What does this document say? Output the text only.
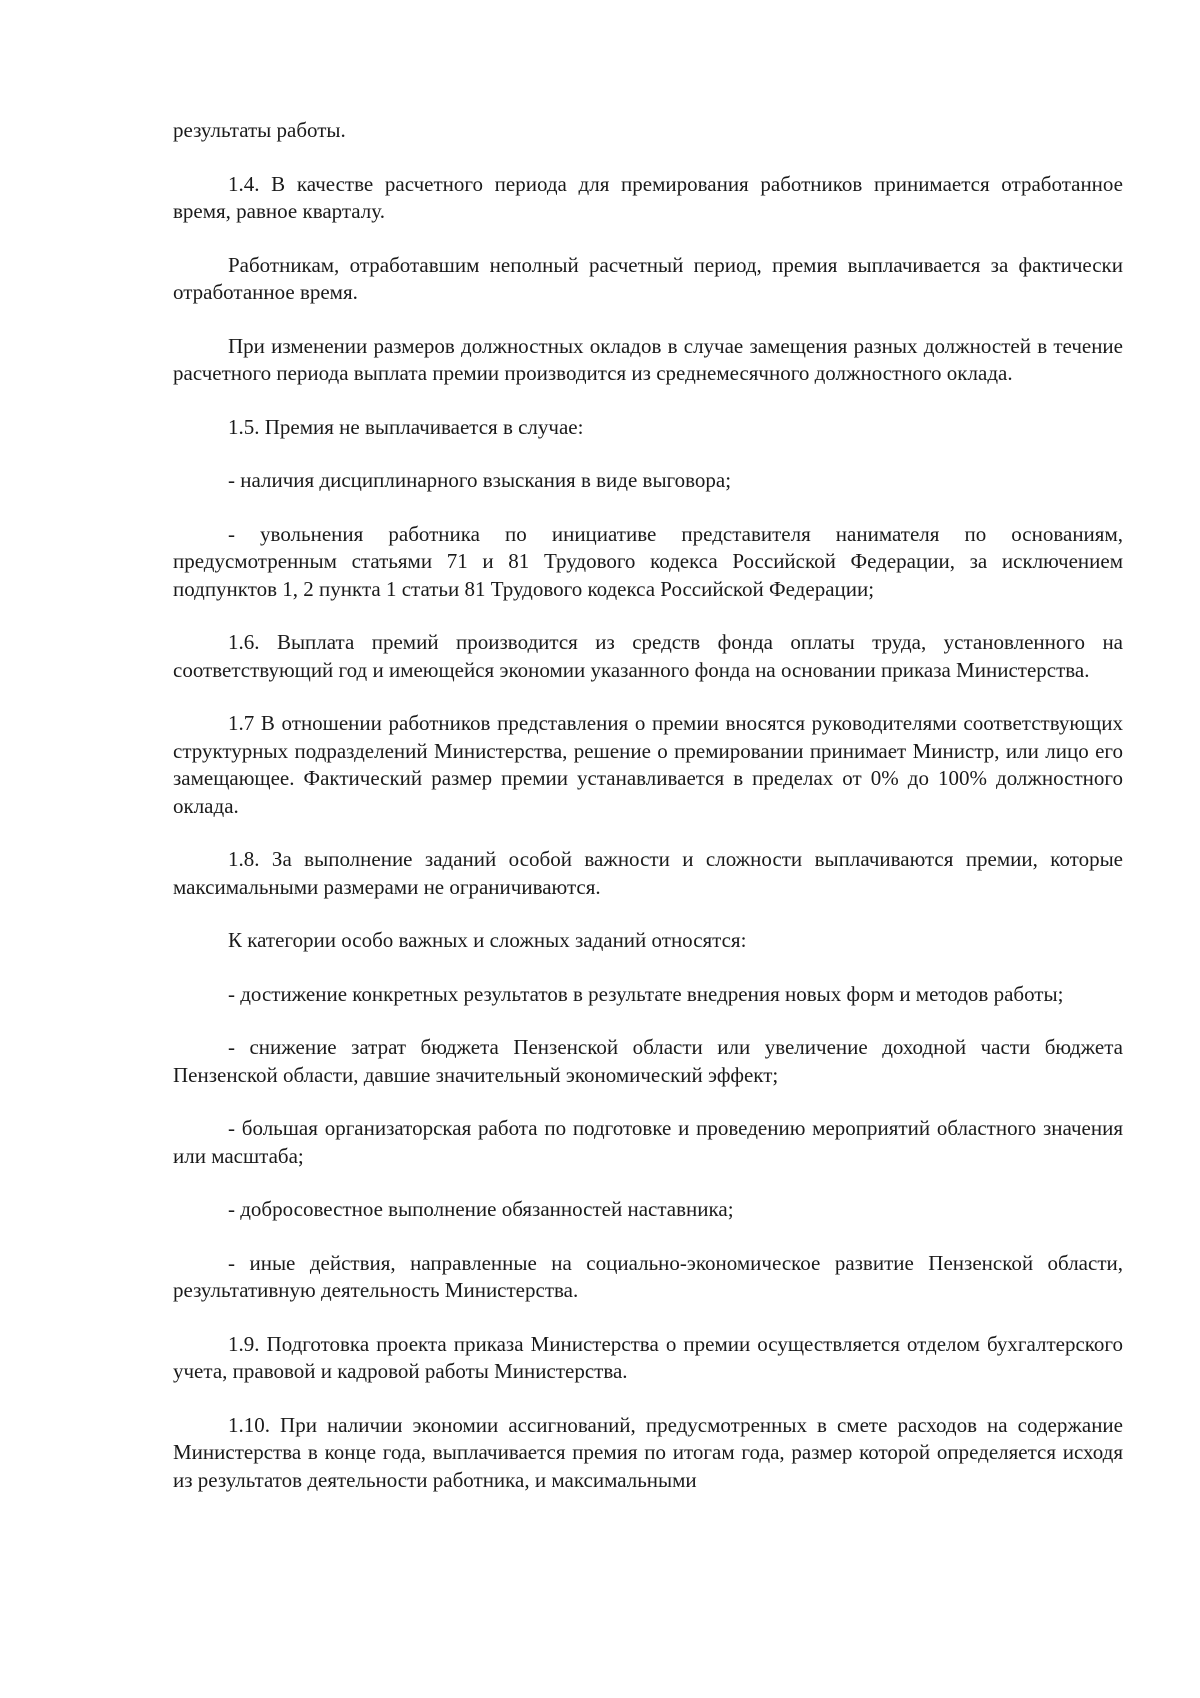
результаты работы.

1.4. В качестве расчетного периода для премирования работников принимается отработанное время, равное кварталу.

Работникам, отработавшим неполный расчетный период, премия выплачивается за фактически отработанное время.

При изменении размеров должностных окладов в случае замещения разных должностей в течение расчетного периода выплата премии производится из среднемесячного должностного оклада.

1.5. Премия не выплачивается в случае:

- наличия дисциплинарного взыскания в виде выговора;

- увольнения работника по инициативе представителя нанимателя по основаниям, предусмотренным статьями 71 и 81 Трудового кодекса Российской Федерации, за исключением подпунктов 1, 2 пункта 1 статьи 81 Трудового кодекса Российской Федерации;

1.6. Выплата премий производится из средств фонда оплаты труда, установленного на соответствующий год и имеющейся экономии указанного фонда на основании приказа Министерства.

1.7 В отношении работников представления о премии вносятся руководителями соответствующих структурных подразделений Министерства, решение о премировании принимает Министр, или лицо его замещающее. Фактический размер премии устанавливается в пределах от 0% до 100% должностного оклада.

1.8. За выполнение заданий особой важности и сложности выплачиваются премии, которые максимальными размерами не ограничиваются.

К категории особо важных и сложных заданий относятся:

- достижение конкретных результатов в результате внедрения новых форм и методов работы;

- снижение затрат бюджета Пензенской области или увеличение доходной части бюджета Пензенской области, давшие значительный экономический эффект;

- большая организаторская работа по подготовке и проведению мероприятий областного значения или масштаба;

- добросовестное выполнение обязанностей наставника;

- иные действия, направленные на социально-экономическое развитие Пензенской области, результативную деятельность Министерства.

1.9. Подготовка проекта приказа Министерства о премии осуществляется отделом бухгалтерского учета, правовой и кадровой работы Министерства.

1.10. При наличии экономии ассигнований, предусмотренных в смете расходов на содержание Министерства в конце года, выплачивается премия по итогам года, размер которой определяется исходя из результатов деятельности работника, и максимальными
